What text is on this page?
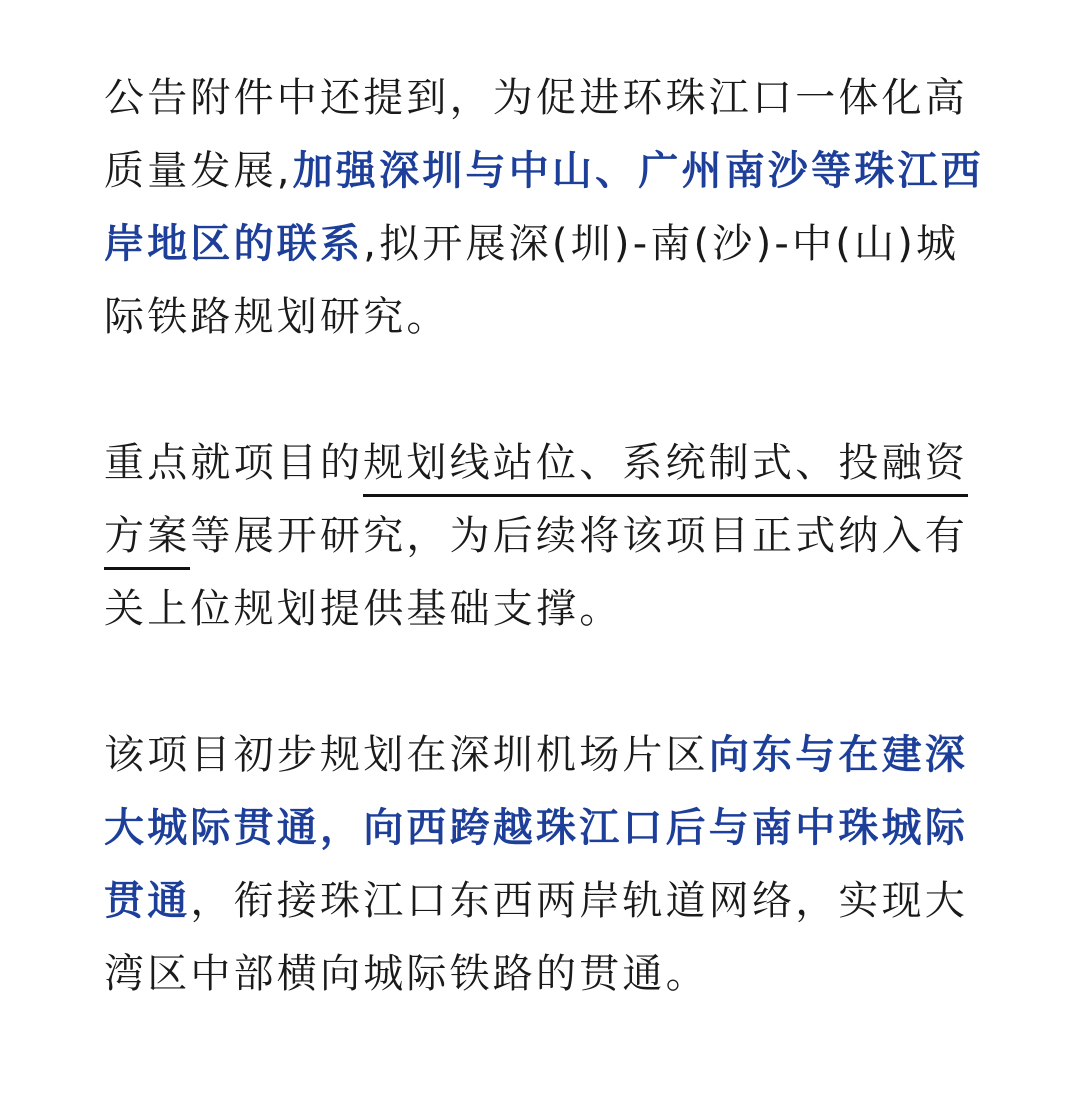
公告附件中还提到，为促进环珠江口一体化高质量发展,加强深圳与中山、广州南沙等珠江西岸地区的联系,拟开展深(圳)-南(沙)-中(山)城际铁路规划研究。

重点就项目的规划线站位、系统制式、投融资方案等展开研究，为后续将该项目正式纳入有关上位规划提供基础支撑。

该项目初步规划在深圳机场片区向东与在建深大城际贯通，向西跨越珠江口后与南中珠城际贯通，衔接珠江口东西两岸轨道网络，实现大湾区中部横向城际铁路的贯通。
